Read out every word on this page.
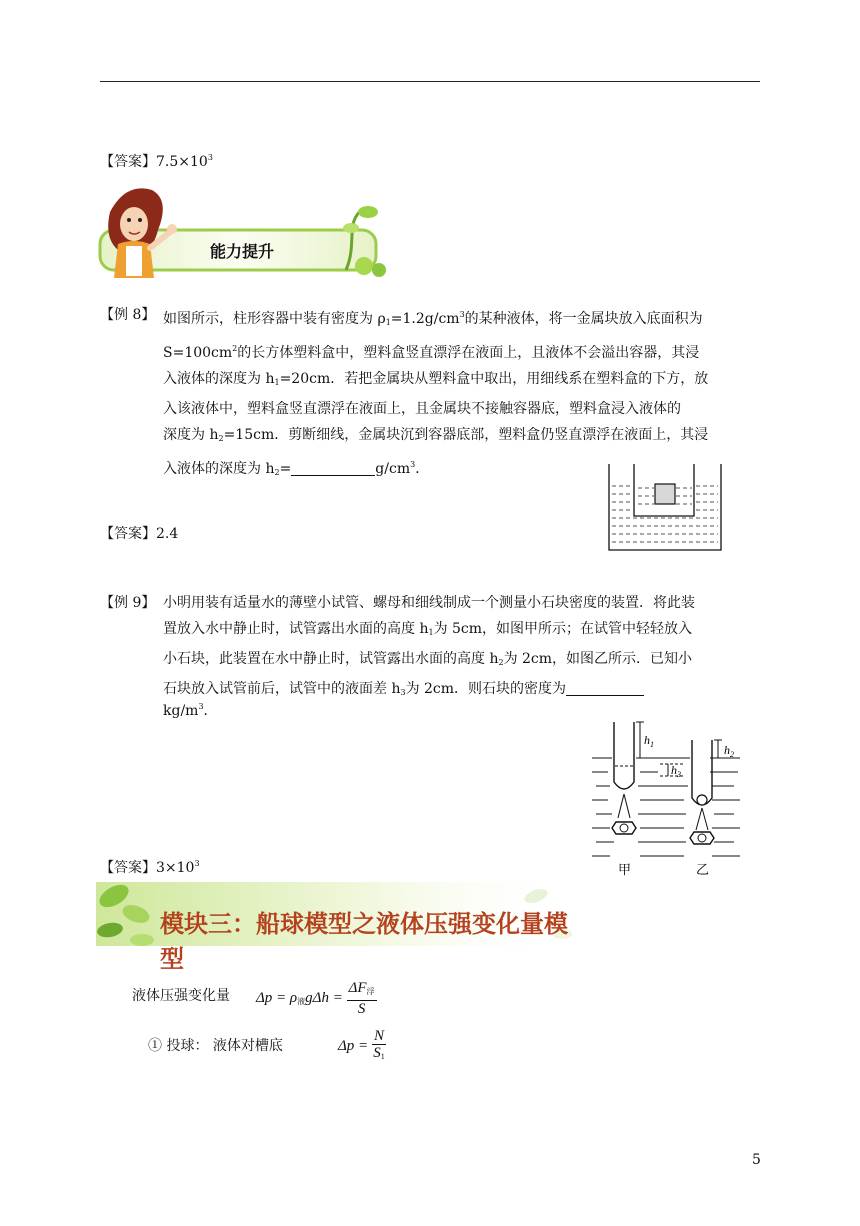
【答案】$7.5\times 10^3$
能力提升
【例 8】 如图所示，柱形容器中装有密度为 $\rho_1=1.2g/cm^3$的某种液体，将一金属块放入底面积为
$S=100cm^2$的长方体塑料盒中，塑料盒竖直漂浮在液面上，且液体不会溢出容器，其浸
入液体的深度为 $h_1=20cm$．若把金属块从塑料盒中取出，用细线系在塑料盒的下方，放
入该液体中，塑料盒竖直漂浮在液面上，且金属块不接触容器底，塑料盒浸入液体的
深度为 $h_2=15cm$．剪断细线，金属块沉到容器底部，塑料盒仍竖直漂浮在液面上，其浸
入液体的深度为 $h_2=$	$g/cm^3$．
【答案】2.4
【例 9】 小明用装有适量水的薄壁小试管、螺母和细线制成一个测量小石块密度的装置．将此装
置放入水中静止时，试管露出水面的高度 $h_1$为 5cm，如图甲所示；在试管中轻轻放入
小石块，此装置在水中静止时，试管露出水面的高度 $h_2$为 2cm，如图乙所示．已知小
石块放入试管前后，试管中的液面差 $h_3$为 2cm．则石块的密度为
$kg/m^3$．
$h_1$
$h_3$
$h_2$
甲	乙
【答案】$3\times 10^3$
模块三：船球模型之液体压强变化量模型
液体压强变化量 $\Delta p = \rho_液g\Delta h = \frac{\Delta F_浮}{S}$
① 投球： 液体对槽底	$\Delta p = \frac{N}{S_1}$
5
